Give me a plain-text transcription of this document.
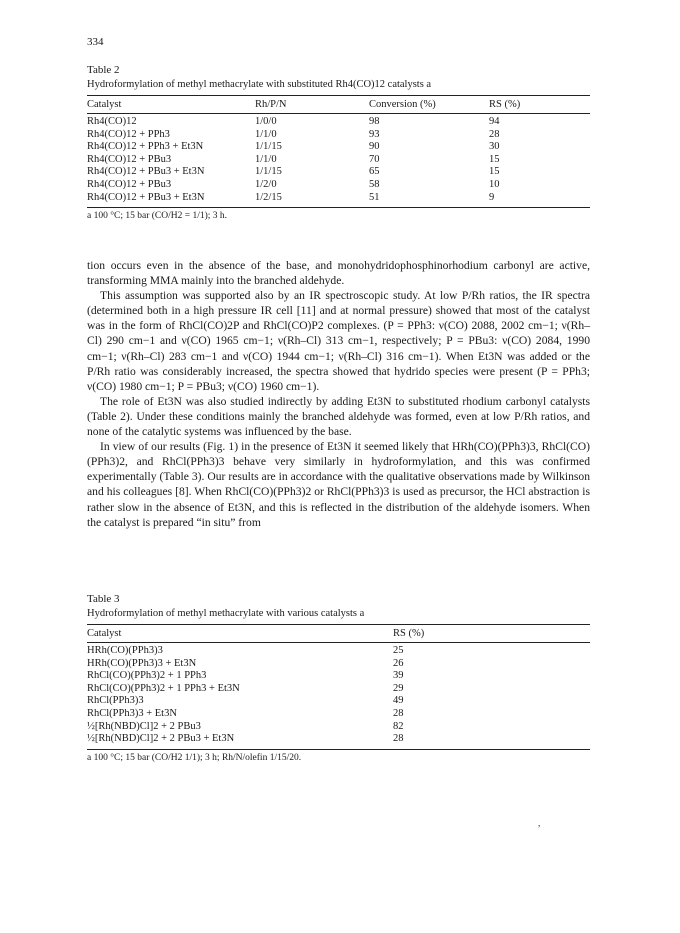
334
Table 2
Hydroformylation of methyl methacrylate with substituted Rh4(CO)12 catalysts a
Catalyst	Rh/P/N	Conversion (%)	RS (%)
Rh4(CO)12	1/0/0	98	94
Rh4(CO)12 + PPh3	1/1/0	93	28
Rh4(CO)12 + PPh3 + Et3N	1/1/15	90	30
Rh4(CO)12 + PBu3	1/1/0	70	15
Rh4(CO)12 + PBu3 + Et3N	1/1/15	65	15
Rh4(CO)12 + PBu3	1/2/0	58	10
Rh4(CO)12 + PBu3 + Et3N	1/2/15	51	9
a 100 °C; 15 bar (CO/H2 = 1/1); 3 h.

tion occurs even in the absence of the base, and monohydridophosphinorhodium carbonyl are active, transforming MMA mainly into the branched aldehyde.

This assumption was supported also by an IR spectroscopic study. At low P/Rh ratios, the IR spectra (determined both in a high pressure IR cell [11] and at normal pressure) showed that most of the catalyst was in the form of RhCl(CO)2P and RhCl(CO)P2 complexes. (P = PPh3: ν(CO) 2088, 2002 cm−1; ν(Rh–Cl) 290 cm−1 and ν(CO) 1965 cm−1; ν(Rh–Cl) 313 cm−1, respectively; P = PBu3: ν(CO) 2084, 1990 cm−1; ν(Rh–Cl) 283 cm−1 and ν(CO) 1944 cm−1; ν(Rh–Cl) 316 cm−1). When Et3N was added or the P/Rh ratio was considerably increased, the spectra showed that hydrido species were present (P = PPh3; ν(CO) 1980 cm−1; P = PBu3; ν(CO) 1960 cm−1).

The role of Et3N was also studied indirectly by adding Et3N to substituted rhodium carbonyl catalysts (Table 2). Under these conditions mainly the branched aldehyde was formed, even at low P/Rh ratios, and none of the catalytic systems was influenced by the base.

In view of our results (Fig. 1) in the presence of Et3N it seemed likely that HRh(CO)(PPh3)3, RhCl(CO)(PPh3)2, and RhCl(PPh3)3 behave very similarly in hydroformylation, and this was confirmed experimentally (Table 3). Our results are in accordance with the qualitative observations made by Wilkinson and his colleagues [8]. When RhCl(CO)(PPh3)2 or RhCl(PPh3)3 is used as precursor, the HCl abstraction is rather slow in the absence of Et3N, and this is reflected in the distribution of the aldehyde isomers. When the catalyst is prepared “in situ” from

Table 3
Hydroformylation of methyl methacrylate with various catalysts a
Catalyst	RS (%)
HRh(CO)(PPh3)3	25
HRh(CO)(PPh3)3 + Et3N	26
RhCl(CO)(PPh3)2 + 1 PPh3	39
RhCl(CO)(PPh3)2 + 1 PPh3 + Et3N	29
RhCl(PPh3)3	49
RhCl(PPh3)3 + Et3N	28
½[Rh(NBD)Cl]2 + 2 PBu3	82
½[Rh(NBD)Cl]2 + 2 PBu3 + Et3N	28
a 100 °C; 15 bar (CO/H2 1/1); 3 h; Rh/N/olefin 1/15/20.
,
